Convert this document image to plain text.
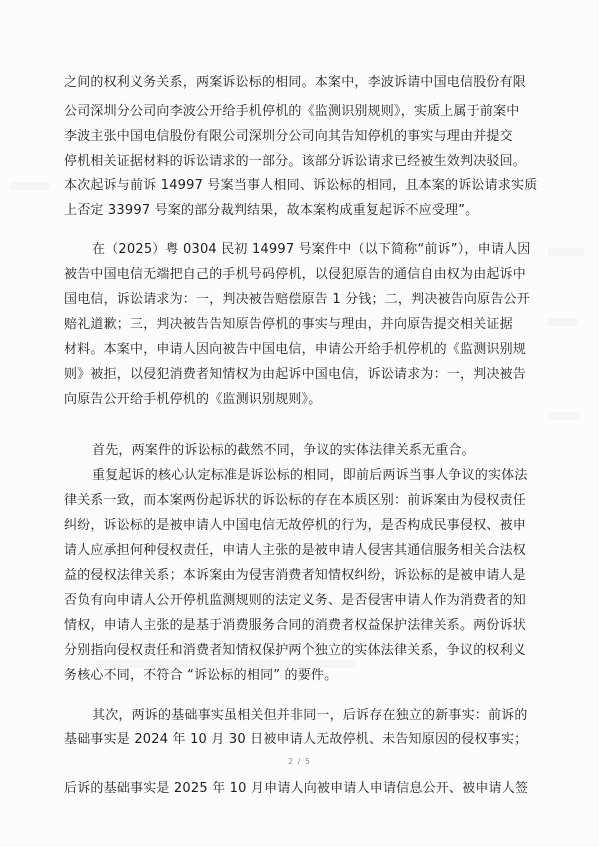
之间的权利义务关系，两案诉讼标的相同。本案中，李波诉请中国电信股份有限
公司深圳分公司向李波公开给手机停机的《监测识别规则》，实质上属于前案中
李波主张中国电信股份有限公司深圳分公司向其告知停机的事实与理由并提交
停机相关证据材料的诉讼请求的一部分。该部分诉讼请求已经被生效判决驳回。
本次起诉与前诉 14997 号案当事人相同、诉讼标的相同，且本案的诉讼请求实质
上否定 33997 号案的部分裁判结果，故本案构成重复起诉不应受理”。
在（2025）粤 0304 民初 14997 号案件中（以下简称“前诉”），申请人因
被告中国电信无端把自己的手机号码停机，以侵犯原告的通信自由权为由起诉中
国电信，诉讼请求为：一，判决被告赔偿原告 1 分钱；二，判决被告向原告公开
赔礼道歉；三，判决被告告知原告停机的事实与理由，并向原告提交相关证据
材料。本案中，申请人因向被告中国电信，申请公开给手机停机的《监测识别规
则》被拒，以侵犯消费者知情权为由起诉中国电信，诉讼请求为：一，判决被告
向原告公开给手机停机的《监测识别规则》。
首先，两案件的诉讼标的截然不同，争议的实体法律关系无重合。
重复起诉的核心认定标准是诉讼标的相同，即前后两诉当事人争议的实体法
律关系一致，而本案两份起诉状的诉讼标的存在本质区别：前诉案由为侵权责任
纠纷，诉讼标的是被申请人中国电信无故停机的行为，是否构成民事侵权、被申
请人应承担何种侵权责任，申请人主张的是被申请人侵害其通信服务相关合法权
益的侵权法律关系；本诉案由为侵害消费者知情权纠纷，诉讼标的是被申请人是
否负有向申请人公开停机监测规则的法定义务、是否侵害申请人作为消费者的知
情权，申请人主张的是基于消费服务合同的消费者权益保护法律关系。两份诉状
分别指向侵权责任和消费者知情权保护两个独立的实体法律关系，争议的权利义
务核心不同，不符合 “诉讼标的相同” 的要件。
其次，两诉的基础事实虽相关但并非同一，后诉存在独立的新事实：前诉的
基础事实是 2024 年 10 月 30 日被申请人无故停机、未告知原因的侵权事实；
后诉的基础事实是 2025 年 10 月申请人向被申请人申请信息公开、被申请人签
2 / 5
